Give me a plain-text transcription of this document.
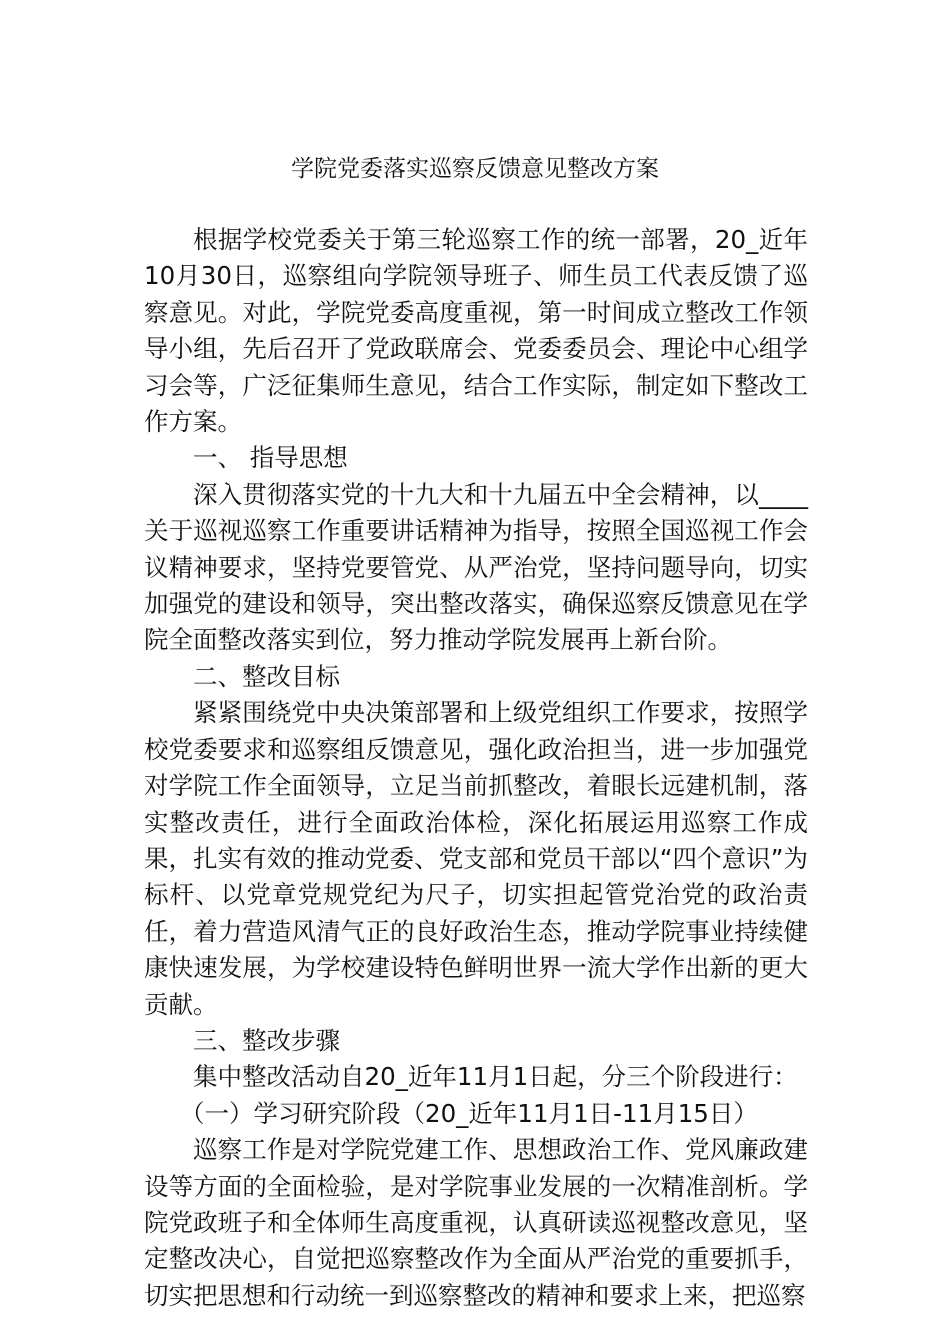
学院党委落实巡察反馈意见整改方案

根据学校党委关于第三轮巡察工作的统一部署，20_近年10月30日，巡察组向学院领导班子、师生员工代表反馈了巡察意见。对此，学院党委高度重视，第一时间成立整改工作领导小组，先后召开了党政联席会、党委委员会、理论中心组学习会等，广泛征集师生意见，结合工作实际，制定如下整改工作方案。

一、 指导思想

深入贯彻落实党的十九大和十九届五中全会精神，以____关于巡视巡察工作重要讲话精神为指导，按照全国巡视工作会议精神要求，坚持党要管党、从严治党，坚持问题导向，切实加强党的建设和领导，突出整改落实，确保巡察反馈意见在学院全面整改落实到位，努力推动学院发展再上新台阶。

二、整改目标

紧紧围绕党中央决策部署和上级党组织工作要求，按照学校党委要求和巡察组反馈意见，强化政治担当，进一步加强党对学院工作全面领导，立足当前抓整改，着眼长远建机制，落实整改责任，进行全面政治体检，深化拓展运用巡察工作成果，扎实有效的推动党委、党支部和党员干部以“四个意识”为标杆、以党章党规党纪为尺子，切实担起管党治党的政治责任，着力营造风清气正的良好政治生态，推动学院事业持续健康快速发展，为学校建设特色鲜明世界一流大学作出新的更大贡献。

三、整改步骤

集中整改活动自20_近年11月1日起，分三个阶段进行：

（一）学习研究阶段（20_近年11月1日-11月15日）

巡察工作是对学院党建工作、思想政治工作、党风廉政建设等方面的全面检验，是对学院事业发展的一次精准剖析。学院党政班子和全体师生高度重视，认真研读巡视整改意见，坚定整改决心，自觉把巡察整改作为全面从严治党的重要抓手，切实把思想和行动统一到巡察整改的精神和要求上来，把巡察
